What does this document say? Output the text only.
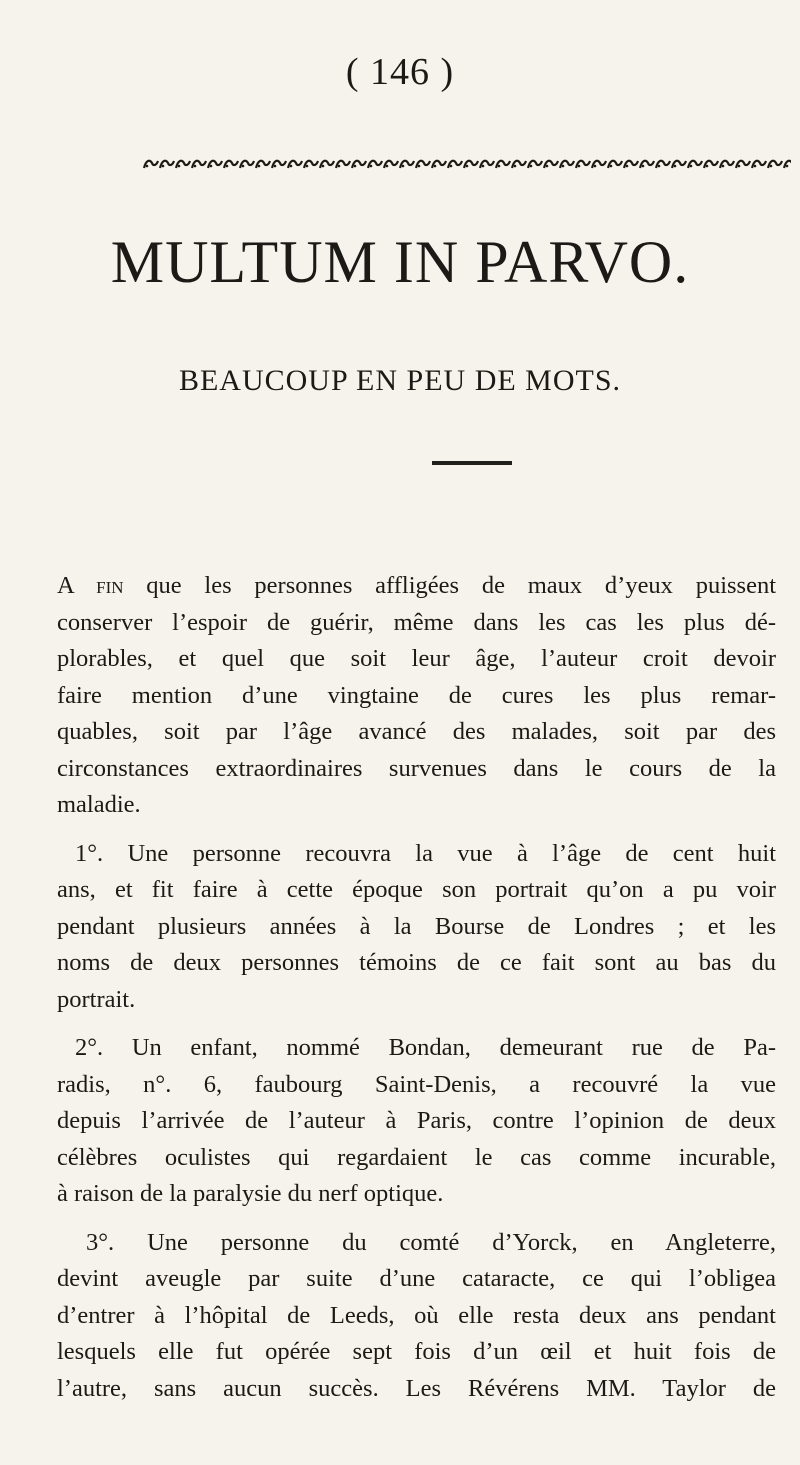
( 146 )
MULTUM IN PARVO.
BEAUCOUP EN PEU DE MOTS.
A fin que les personnes affligées de maux d’yeux puissent
conserver l’espoir de guérir, même dans les cas les plus dé-
plorables, et quel que soit leur âge, l’auteur croit devoir
faire mention d’une vingtaine de cures les plus remar-
quables, soit par l’âge avancé des malades, soit par des
circonstances extraordinaires survenues dans le cours de la
maladie.
1°. Une personne recouvra la vue à l’âge de cent huit
ans, et fit faire à cette époque son portrait qu’on a pu voir
pendant plusieurs années à la Bourse de Londres ; et les
noms de deux personnes témoins de ce fait sont au bas du
portrait.
2°. Un enfant, nommé Bondan, demeurant rue de Pa-
radis, n°. 6, faubourg Saint-Denis, a recouvré la vue
depuis l’arrivée de l’auteur à Paris, contre l’opinion de deux
célèbres oculistes qui regardaient le cas comme incurable,
à raison de la paralysie du nerf optique.
3°. Une personne du comté d’Yorck, en Angleterre,
devint aveugle par suite d’une cataracte, ce qui l’obligea
d’entrer à l’hôpital de Leeds, où elle resta deux ans pendant
lesquels elle fut opérée sept fois d’un œil et huit fois de
l’autre, sans aucun succès. Les Révérens MM. Taylor de
